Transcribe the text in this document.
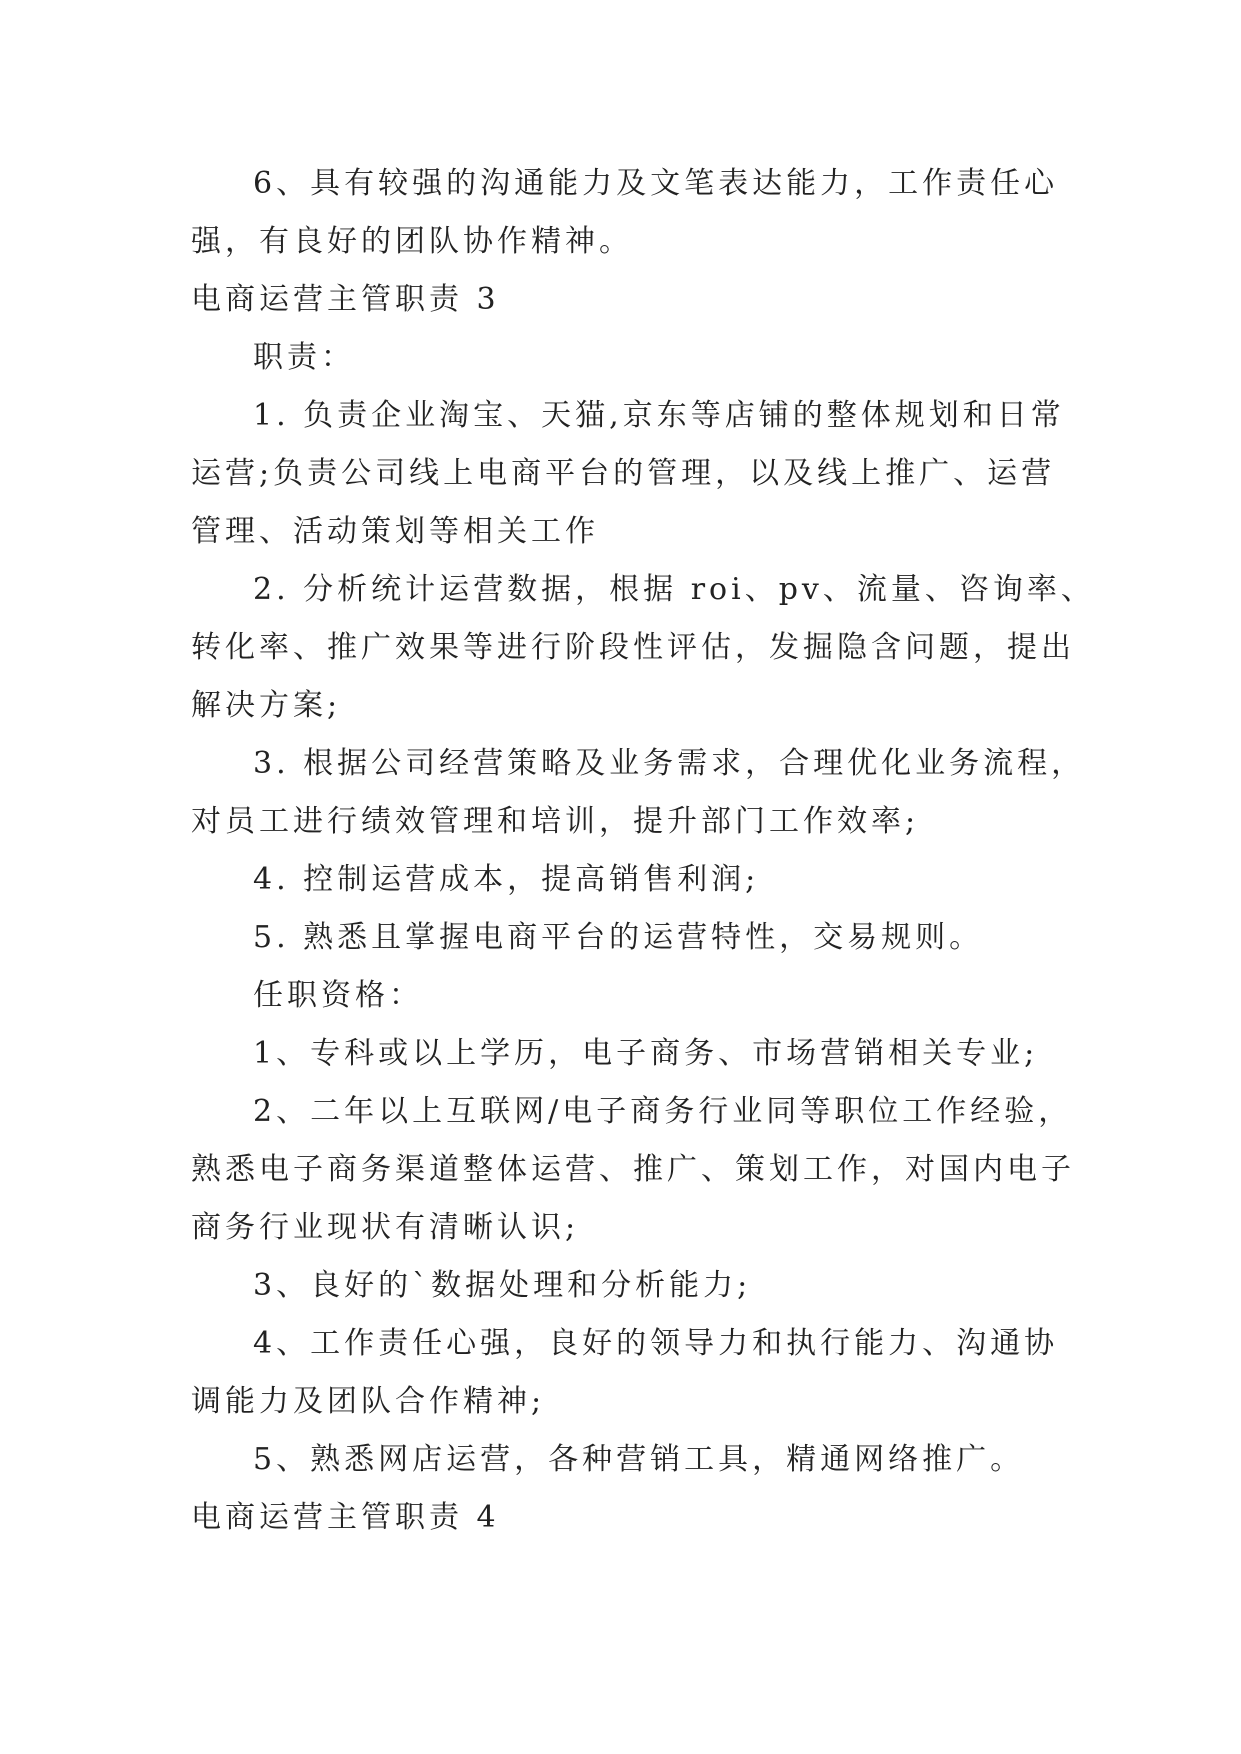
6、具有较强的沟通能力及文笔表达能力，工作责任心
强，有良好的团队协作精神。
电商运营主管职责 3
职责：
1. 负责企业淘宝、天猫,京东等店铺的整体规划和日常
运营;负责公司线上电商平台的管理，以及线上推广、运营
管理、活动策划等相关工作
2. 分析统计运营数据，根据 roi、pv、流量、咨询率、
转化率、推广效果等进行阶段性评估，发掘隐含问题，提出
解决方案;
3. 根据公司经营策略及业务需求，合理优化业务流程，
对员工进行绩效管理和培训，提升部门工作效率;
4. 控制运营成本，提高销售利润;
5. 熟悉且掌握电商平台的运营特性，交易规则。
任职资格：
1、专科或以上学历，电子商务、市场营销相关专业;
2、二年以上互联网/电子商务行业同等职位工作经验，
熟悉电子商务渠道整体运营、推广、策划工作，对国内电子
商务行业现状有清晰认识;
3、良好的`数据处理和分析能力;
4、工作责任心强，良好的领导力和执行能力、沟通协
调能力及团队合作精神;
5、熟悉网店运营，各种营销工具，精通网络推广。
电商运营主管职责 4
